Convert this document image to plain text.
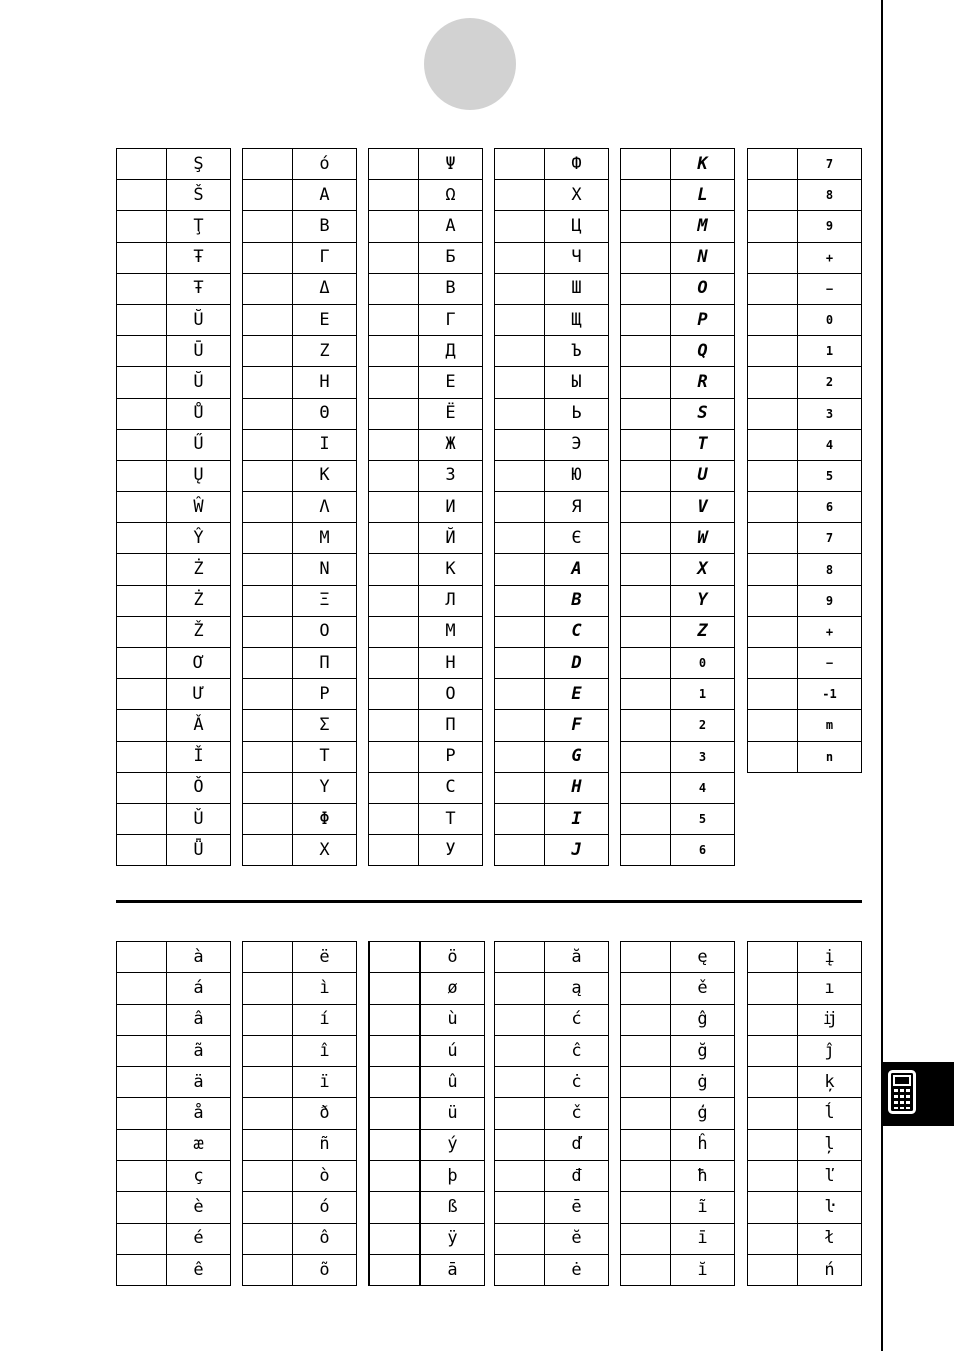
	Ş
	Š
	Ţ
	Ŧ
	Ŧ
	Ŭ
	Ū
	Ŭ
	Ů
	Ű
	Ų
	Ŵ
	Ŷ
	Ż
	Ż
	Ž
	Ơ
	Ư
	Ǎ
	Ǐ
	Ǒ
	Ǔ
	Ǖ
	ό
	Α
	Β
	Γ
	Δ
	Ε
	Ζ
	Η
	Θ
	Ι
	Κ
	Λ
	Μ
	Ν
	Ξ
	Ο
	Π
	Ρ
	Σ
	Τ
	Υ
	Φ
	Χ
	Ψ
	Ω
	А
	Б
	В
	Г
	Д
	Е
	Ё
	Ж
	З
	И
	Й
	К
	Л
	М
	Н
	О
	П
	Р
	С
	Т
	У
	Ф
	Х
	Ц
	Ч
	Ш
	Щ
	Ъ
	Ы
	Ь
	Э
	Ю
	Я
	Є
	A
	B
	C
	D
	E
	F
	G
	H
	I
	J
	K
	L
	M
	N
	O
	P
	Q
	R
	S
	T
	U
	V
	W
	X
	Y
	Z
	0
	1
	2
	3
	4
	5
	6
	7
	8
	9
	+
	−
	0
	1
	2
	3
	4
	5
	6
	7
	8
	9
	+
	−
	-1
	m
	n
	à
	á
	â
	ã
	ä
	å
	æ
	ç
	è
	é
	ê
	ë
	ì
	í
	î
	ï
	ð
	ñ
	ò
	ó
	ô
	õ
	ö
	ø
	ù
	ú
	û
	ü
	ý
	þ
	ß
	ÿ
	ā
	ă
	ą
	ć
	ĉ
	ċ
	č
	ď
	đ
	ē
	ĕ
	ė
	ę
	ě
	ĝ
	ğ
	ġ
	ģ
	ĥ
	ħ
	ĩ
	ī
	ĭ
	į
	ı
	ĳ
	ĵ
	ķ
	ĺ
	ļ
	ľ
	ŀ
	ł
	ń
